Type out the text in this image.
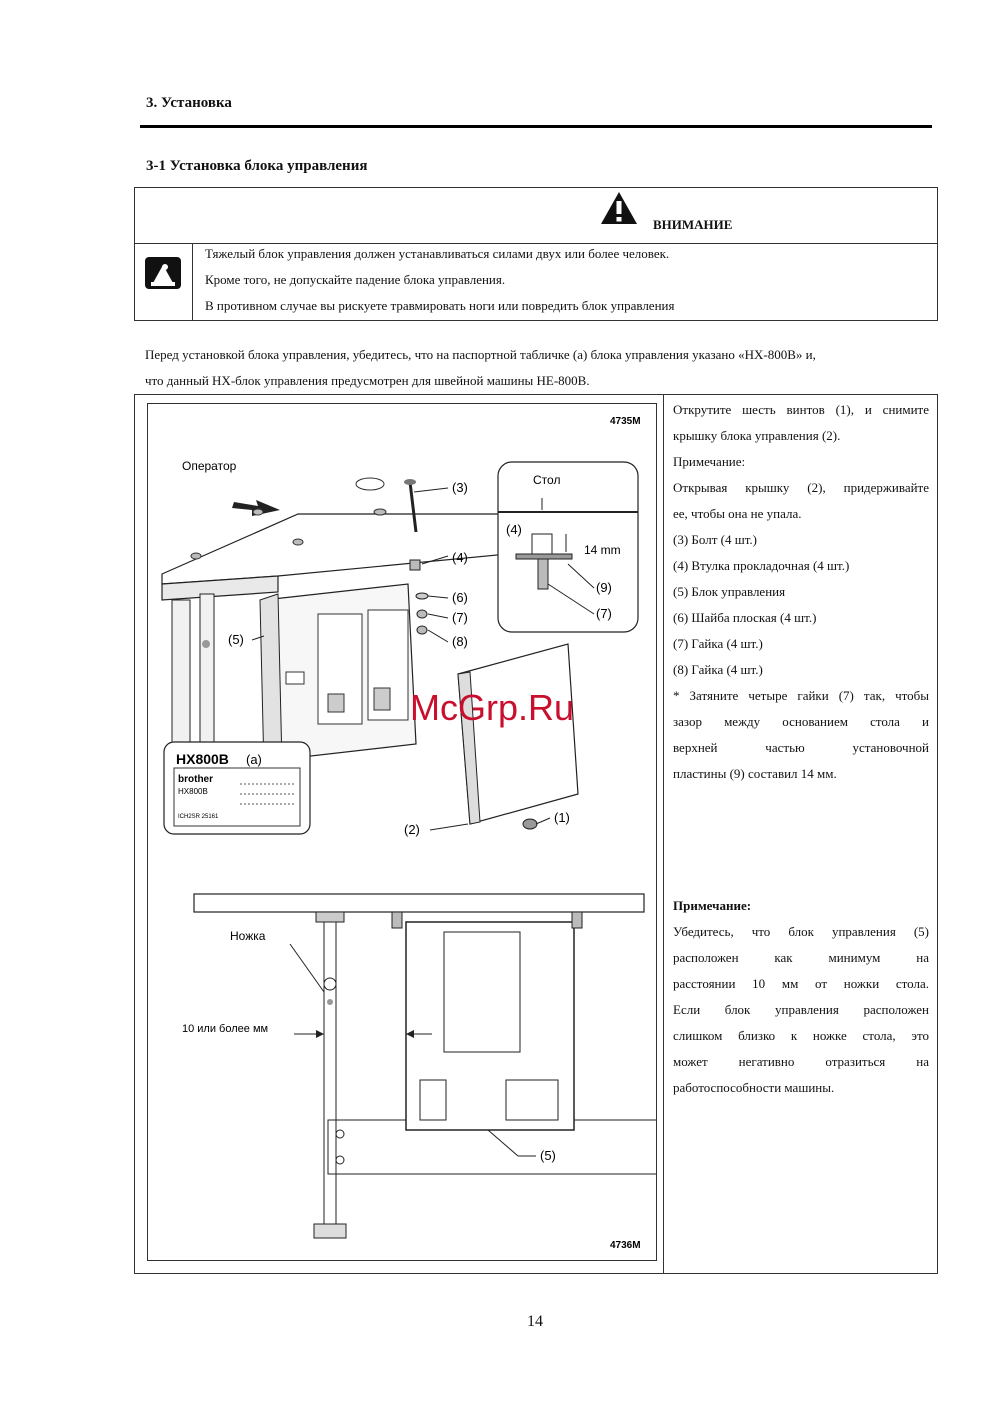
3. Установка
3-1 Установка блока управления
ВНИМАНИЕ
Тяжелый блок управления должен устанавливаться силами двух или более человек.
Кроме того, не допускайте падение блока управления.
В противном случае вы рискуете травмировать ноги или повредить блок управления
Перед установкой блока управления, убедитесь, что на паспортной табличке (а) блока управления указано «HX-800B» и,
что данный HX-блок управления предусмотрен для швейной машины HE-800B.
4735M
4736M
Оператор
(3)
(4)
(6)
(7)
(8)
(5)
(2)
(1)
Стол
14 mm
(4)
(9)
(7)
HX800B (a)
brother
HX800B
ICH2SR 25161
Ножка
10 или более мм
(5)
McGrp.Ru
Открутите шесть винтов (1), и снимите
крышку блока управления (2).
Примечание:
Открывая крышку (2), придерживайте
ее, чтобы она не упала.
(3) Болт (4 шт.)
(4) Втулка прокладочная (4 шт.)
(5) Блок управления
(6) Шайба плоская (4 шт.)
(7) Гайка (4 шт.)
(8) Гайка (4 шт.)
* Затяните четыре гайки (7) так, чтобы
зазор между основанием стола и
верхней частью установочной
пластины (9) составил 14 мм.
Примечание:
Убедитесь, что блок управления (5)
расположен как минимум на
расстоянии 10 мм от ножки стола.
Если блок управления расположен
слишком близко к ножке стола, это
может негативно отразиться на
работоспособности машины.
14
